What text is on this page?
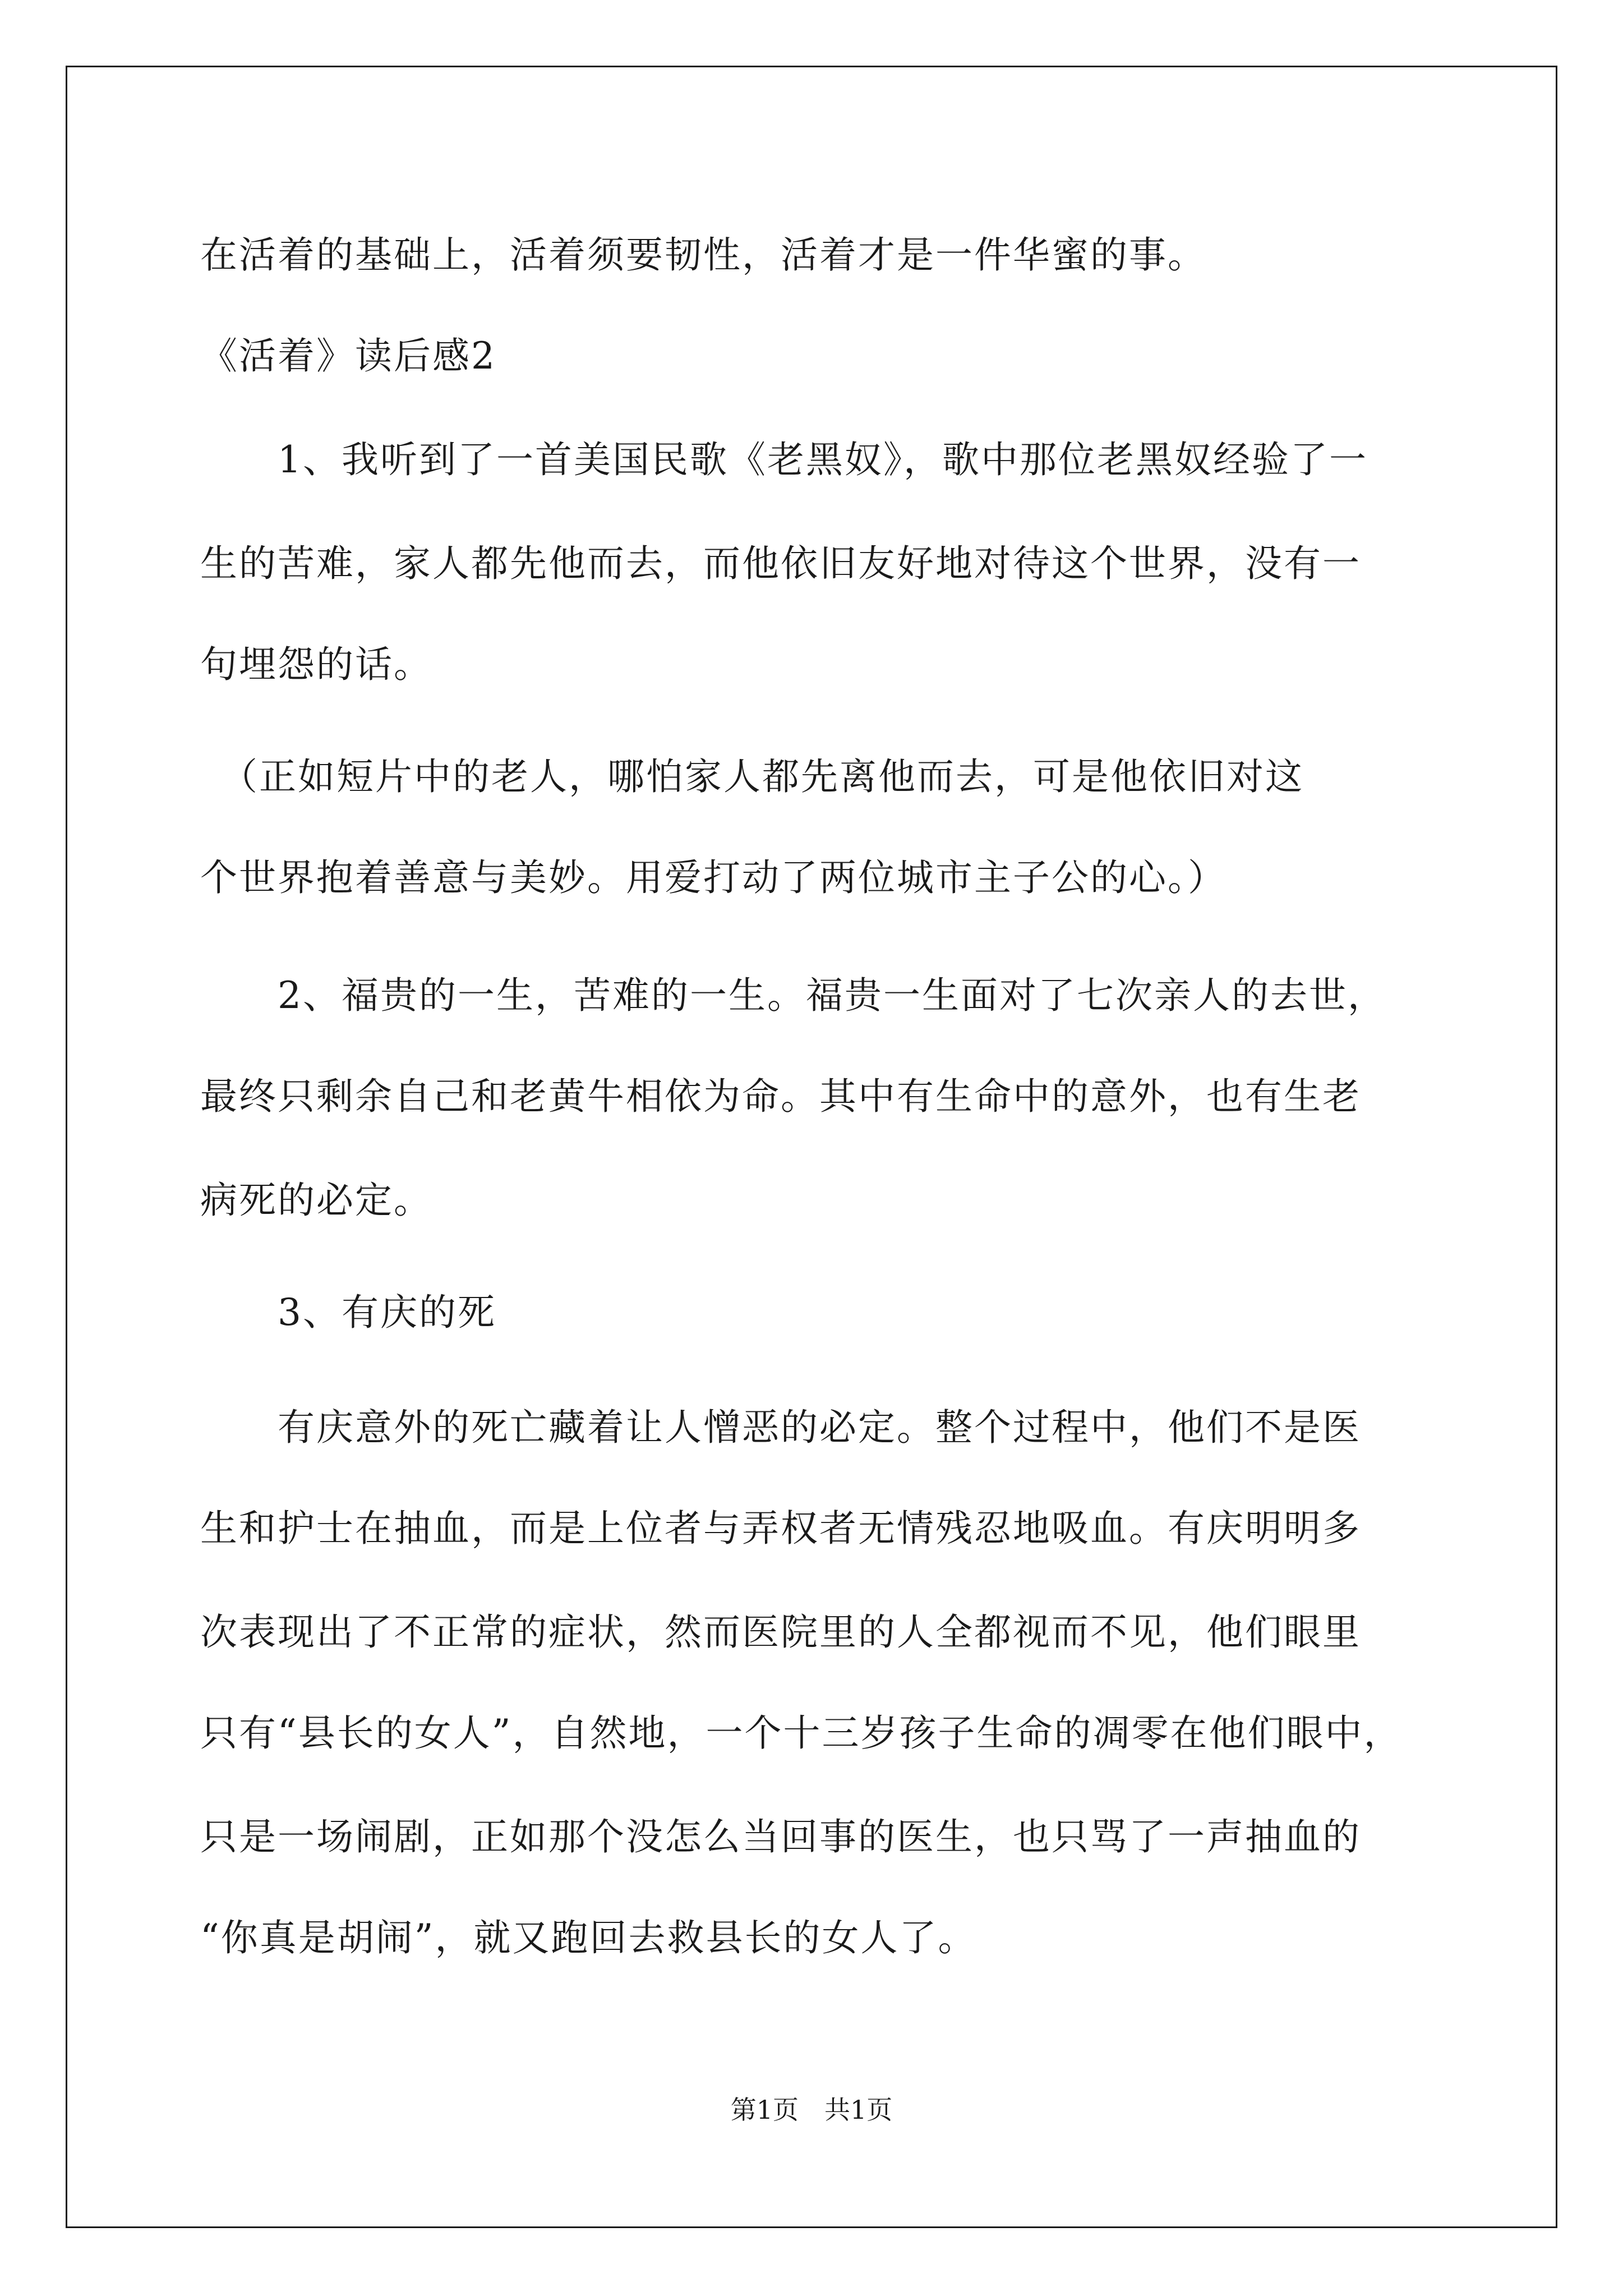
在活着的基础上，活着须要韧性，活着才是一件华蜜的事。

《活着》读后感2

　　1、我听到了一首美国民歌《老黑奴》，歌中那位老黑奴经验了一

生的苦难，家人都先他而去，而他依旧友好地对待这个世界，没有一

句埋怨的话。

　（正如短片中的老人，哪怕家人都先离他而去，可是他依旧对这

个世界抱着善意与美妙。用爱打动了两位城市主子公的心。）

　　2、福贵的一生，苦难的一生。福贵一生面对了七次亲人的去世，

最终只剩余自己和老黄牛相依为命。其中有生命中的意外，也有生老

病死的必定。

　　3、有庆的死

　　有庆意外的死亡藏着让人憎恶的必定。整个过程中，他们不是医

生和护士在抽血，而是上位者与弄权者无情残忍地吸血。有庆明明多

次表现出了不正常的症状，然而医院里的人全都视而不见，他们眼里

只有“县长的女人”，自然地，一个十三岁孩子生命的凋零在他们眼中，

只是一场闹剧，正如那个没怎么当回事的医生，也只骂了一声抽血的

“你真是胡闹”，就又跑回去救县长的女人了。

第1页　共1页
